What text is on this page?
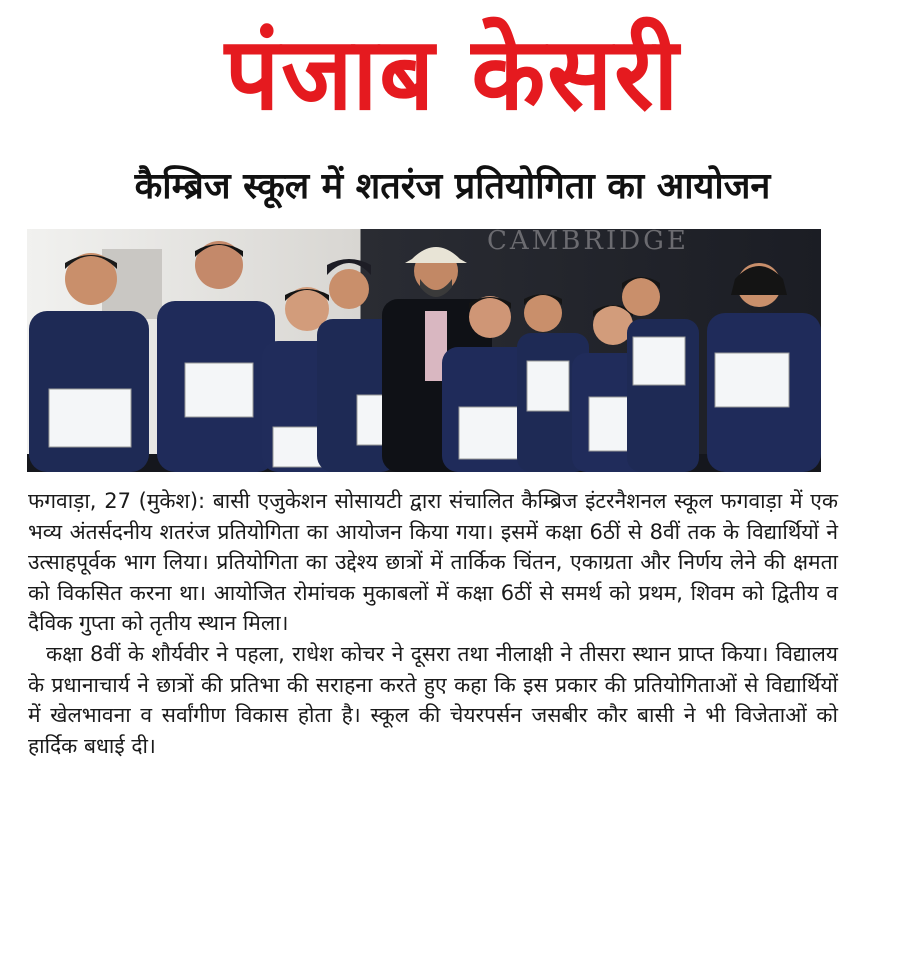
पंजाब केसरी
कैम्ब्रिज स्कूल में शतरंज प्रतियोगिता का आयोजन
CAMBRIDGE

फगवाड़ा, 27 (मुकेश): बासी एजुकेशन सोसायटी द्वारा संचालित कैम्ब्रिज इंटरनैशनल स्कूल फगवाड़ा में एक भव्य अंतर्सदनीय शतरंज प्रतियोगिता का आयोजन किया गया। इसमें कक्षा 6ठीं से 8वीं तक के विद्यार्थियों ने उत्साहपूर्वक भाग लिया। प्रतियोगिता का उद्देश्य छात्रों में तार्किक चिंतन, एकाग्रता और निर्णय लेने की क्षमता को विकसित करना था। आयोजित रोमांचक मुकाबलों में कक्षा 6ठीं से समर्थ को प्रथम, शिवम को द्वितीय व दैविक गुप्ता को तृतीय स्थान मिला।

कक्षा 8वीं के शौर्यवीर ने पहला, राधेश कोचर ने दूसरा तथा नीलाक्षी ने तीसरा स्थान प्राप्त किया। विद्यालय के प्रधानाचार्य ने छात्रों की प्रतिभा की सराहना करते हुए कहा कि इस प्रकार की प्रतियोगिताओं से विद्यार्थियों में खेलभावना व सर्वांगीण विकास होता है। स्कूल की चेयरपर्सन जसबीर कौर बासी ने भी विजेताओं को हार्दिक बधाई दी।
